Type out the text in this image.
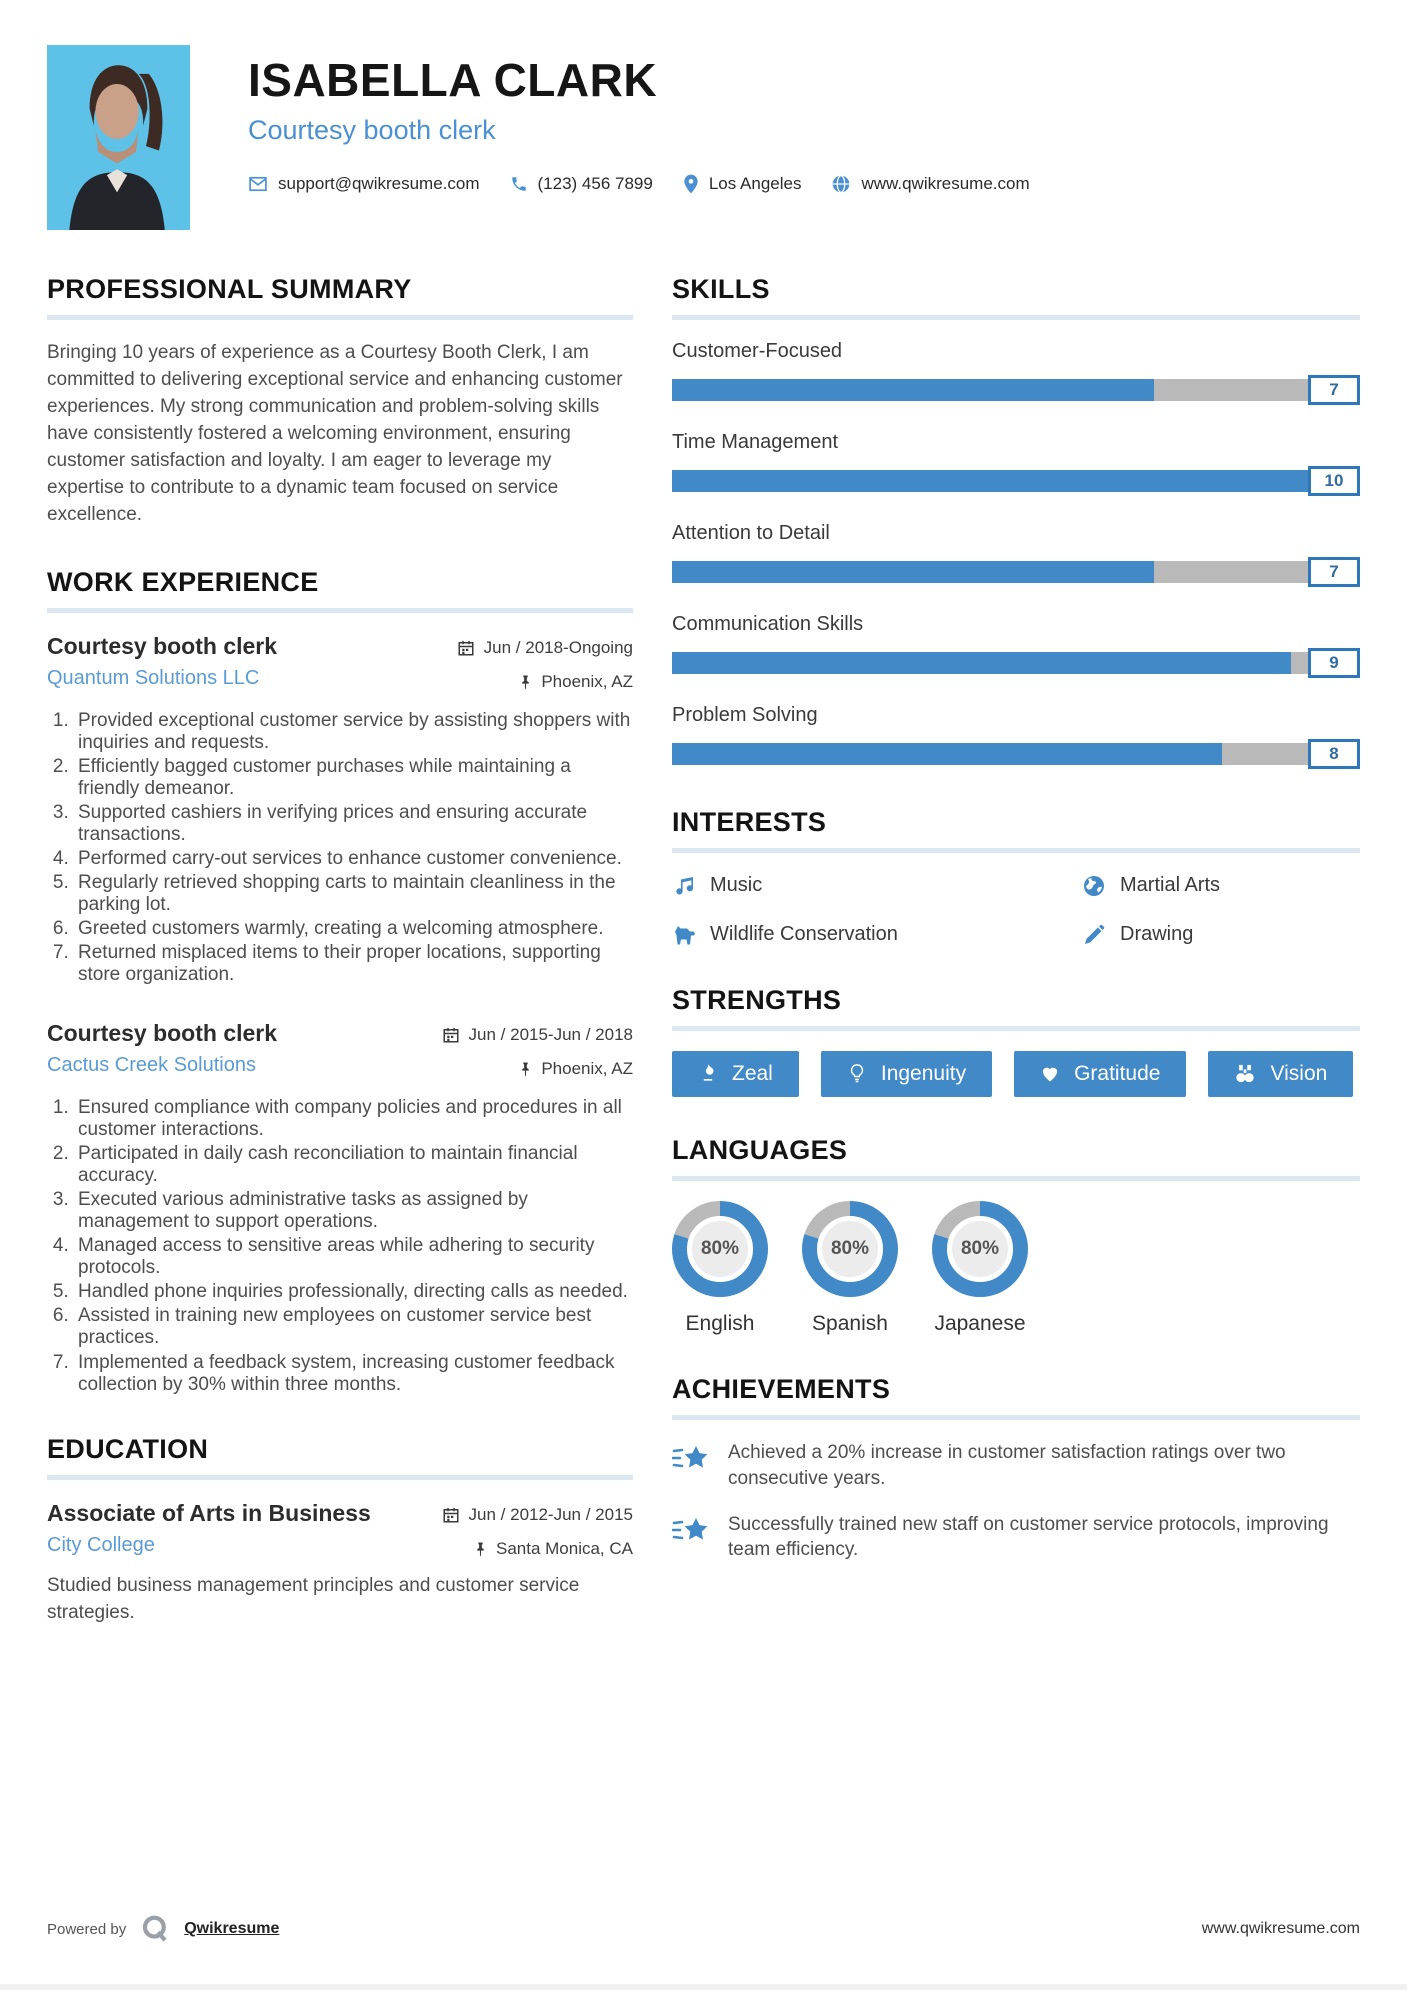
ISABELLA CLARK
Courtesy booth clerk
support@qwikresume.com	(123) 456 7899	Los Angeles	www.qwikresume.com
PROFESSIONAL SUMMARY

Bringing 10 years of experience as a Courtesy Booth Clerk, I am committed to delivering exceptional service and enhancing customer experiences. My strong communication and problem-solving skills have consistently fostered a welcoming environment, ensuring customer satisfaction and loyalty. I am eager to leverage my expertise to contribute to a dynamic team focused on service excellence.

WORK EXPERIENCE
Courtesy booth clerk	Jun / 2018-Ongoing
Quantum Solutions LLC	Phoenix, AZ
1. Provided exceptional customer service by assisting shoppers with inquiries and requests.
2. Efficiently bagged customer purchases while maintaining a friendly demeanor.
3. Supported cashiers in verifying prices and ensuring accurate transactions.
4. Performed carry-out services to enhance customer convenience.
5. Regularly retrieved shopping carts to maintain cleanliness in the parking lot.
6. Greeted customers warmly, creating a welcoming atmosphere.
7. Returned misplaced items to their proper locations, supporting store organization.
Courtesy booth clerk	Jun / 2015-Jun / 2018
Cactus Creek Solutions	Phoenix, AZ
1. Ensured compliance with company policies and procedures in all customer interactions.
2. Participated in daily cash reconciliation to maintain financial accuracy.
3. Executed various administrative tasks as assigned by management to support operations.
4. Managed access to sensitive areas while adhering to security protocols.
5. Handled phone inquiries professionally, directing calls as needed.
6. Assisted in training new employees on customer service best practices.
7. Implemented a feedback system, increasing customer feedback collection by 30% within three months.
EDUCATION
Associate of Arts in Business	Jun / 2012-Jun / 2015
City College	Santa Monica, CA

Studied business management principles and customer service strategies.

SKILLS
Customer-Focused
7
Time Management
10
Attention to Detail
7
Communication Skills
9
Problem Solving
8
INTERESTS
Music	Martial Arts
Wildlife Conservation	Drawing
STRENGTHS
Zeal	Ingenuity	Gratitude	Vision
LANGUAGES
80%
English
80%
Spanish
80%
Japanese
ACHIEVEMENTS

Achieved a 20% increase in customer satisfaction ratings over two consecutive years.

Successfully trained new staff on customer service protocols, improving team efficiency.

Powered by	Qwikresume	www.qwikresume.com
